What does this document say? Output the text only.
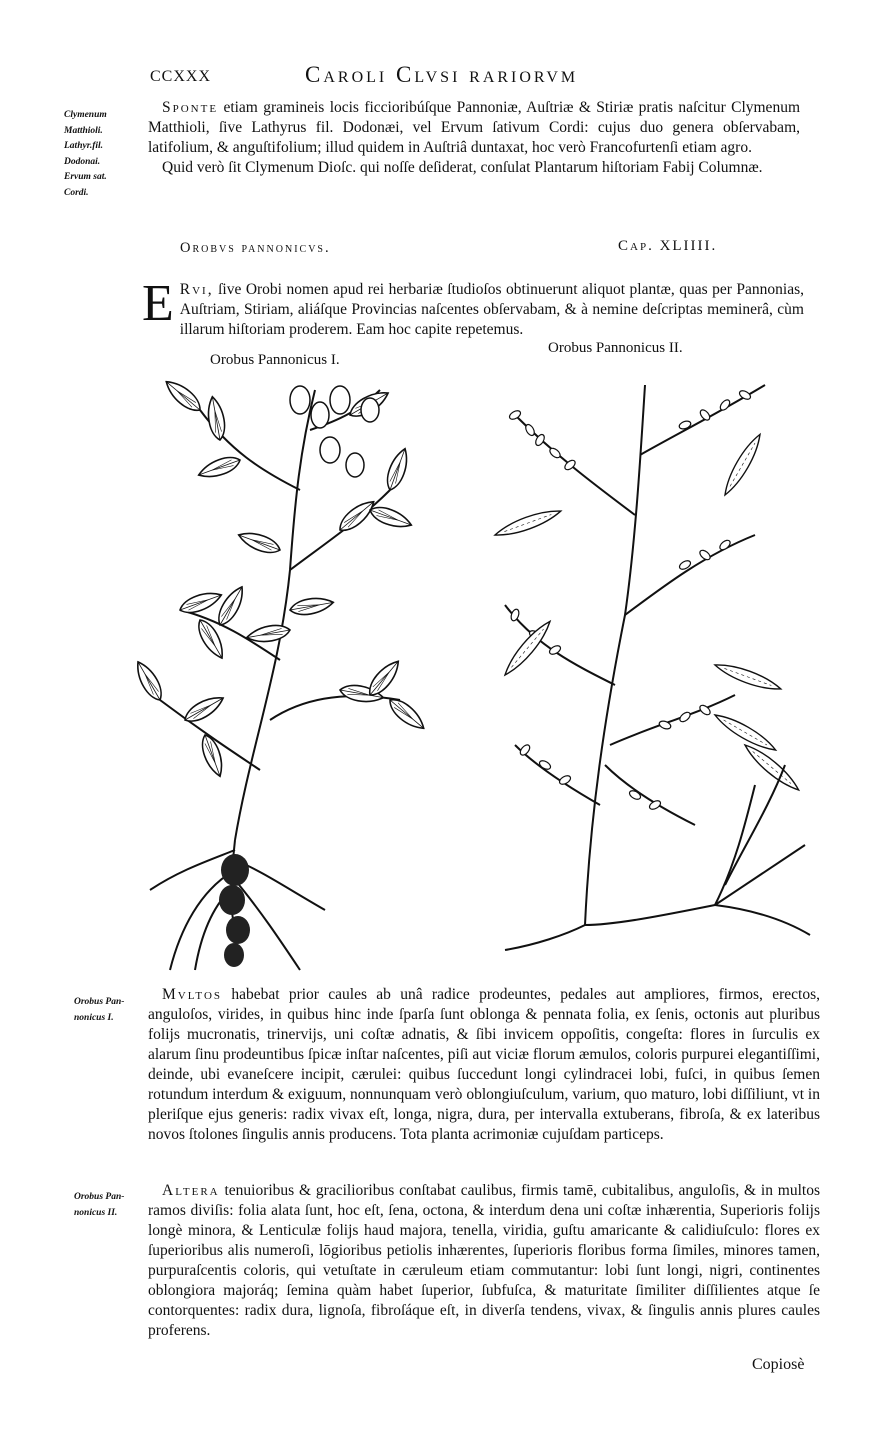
CCXXX	Caroli Clvsi rariorvm
Clymenum
Matthioli.
Lathyr.fil.
Dodonai.
Ervum sat.
Cordi.

Sponte etiam gramineis locis ficcioribúſque Pannoniæ, Auſtriæ & Stiriæ pratis naſcitur Clymenum Matthioli, ſive Lathyrus fil. Dodonæi, vel Ervum ſativum Cordi: cujus duo genera obſervabam, latifolium, & anguſtifolium; illud quidem in Auſtriâ duntaxat, hoc verò Francofurtenſi etiam agro.

Quid verò ſit Clymenum Dioſc. qui noſſe deſiderat, conſulat Plantarum hiſtoriam Fabij Columnæ.

Orobvs pannonicvs.	Cap. XLIIII.
E Rvi, ſive Orobi nomen apud rei herbariæ ſtudioſos obtinuerunt aliquot plantæ, quas per Pannonias, Auſtriam, Stiriam, aliáſque Provincias naſcentes obſervabam, & à nemine deſcriptas meminerâ, cùm illarum hiſtoriam proderem. Eam hoc capite repetemus.
Orobus Pannonicus I.
Orobus Pannonicus II.
Orobus Pan-
nonicus I.
Orobus Pan-
nonicus II.

Mvltos habebat prior caules ab unâ radice prodeuntes, pedales aut ampliores, firmos, erectos, anguloſos, virides, in quibus hinc inde ſparſa ſunt oblonga & pennata folia, ex ſenis, octonis aut pluribus folijs mucronatis, trinervijs, uni coſtæ adnatis, & ſibi invicem oppoſitis, congeſta: flores in ſurculis ex alarum ſinu prodeuntibus ſpicæ inſtar naſcentes, piſi aut viciæ florum æmulos, coloris purpurei elegantiſſimi, deinde, ubi evaneſcere incipit, cærulei: quibus ſuccedunt longi cylindracei lobi, fuſci, in quibus ſemen rotundum interdum & exiguum, nonnunquam verò oblongiuſculum, varium, quo maturo, lobi diſſiliunt, vt in pleriſque ejus generis: radix vivax eſt, longa, nigra, dura, per intervalla extuberans, fibroſa, & ex lateribus novos ſtolones ſingulis annis producens. Tota planta acrimoniæ cujuſdam particeps.

Altera tenuioribus & gracilioribus conſtabat caulibus, firmis tamē, cubitalibus, anguloſis, & in multos ramos diviſis: folia alata ſunt, hoc eſt, ſena, octona, & interdum dena uni coſtæ inhærentia, Superioris folijs longè minora, & Lenticulæ folijs haud majora, tenella, viridia, guſtu amaricante & calidiuſculo: flores ex ſuperioribus alis numeroſi, lōgioribus petiolis inhærentes, ſuperioris floribus forma ſimiles, minores tamen, purpuraſcentis coloris, qui vetuſtate in cæruleum etiam commutantur: lobi ſunt longi, nigri, continentes oblongiora majoráq; ſemina quàm habet ſuperior, ſubfuſca, & maturitate ſimiliter diſſilientes atque ſe contorquentes: radix dura, lignoſa, fibroſáque eſt, in diverſa tendens, vivax, & ſingulis annis plures caules proferens.

Copiosè
